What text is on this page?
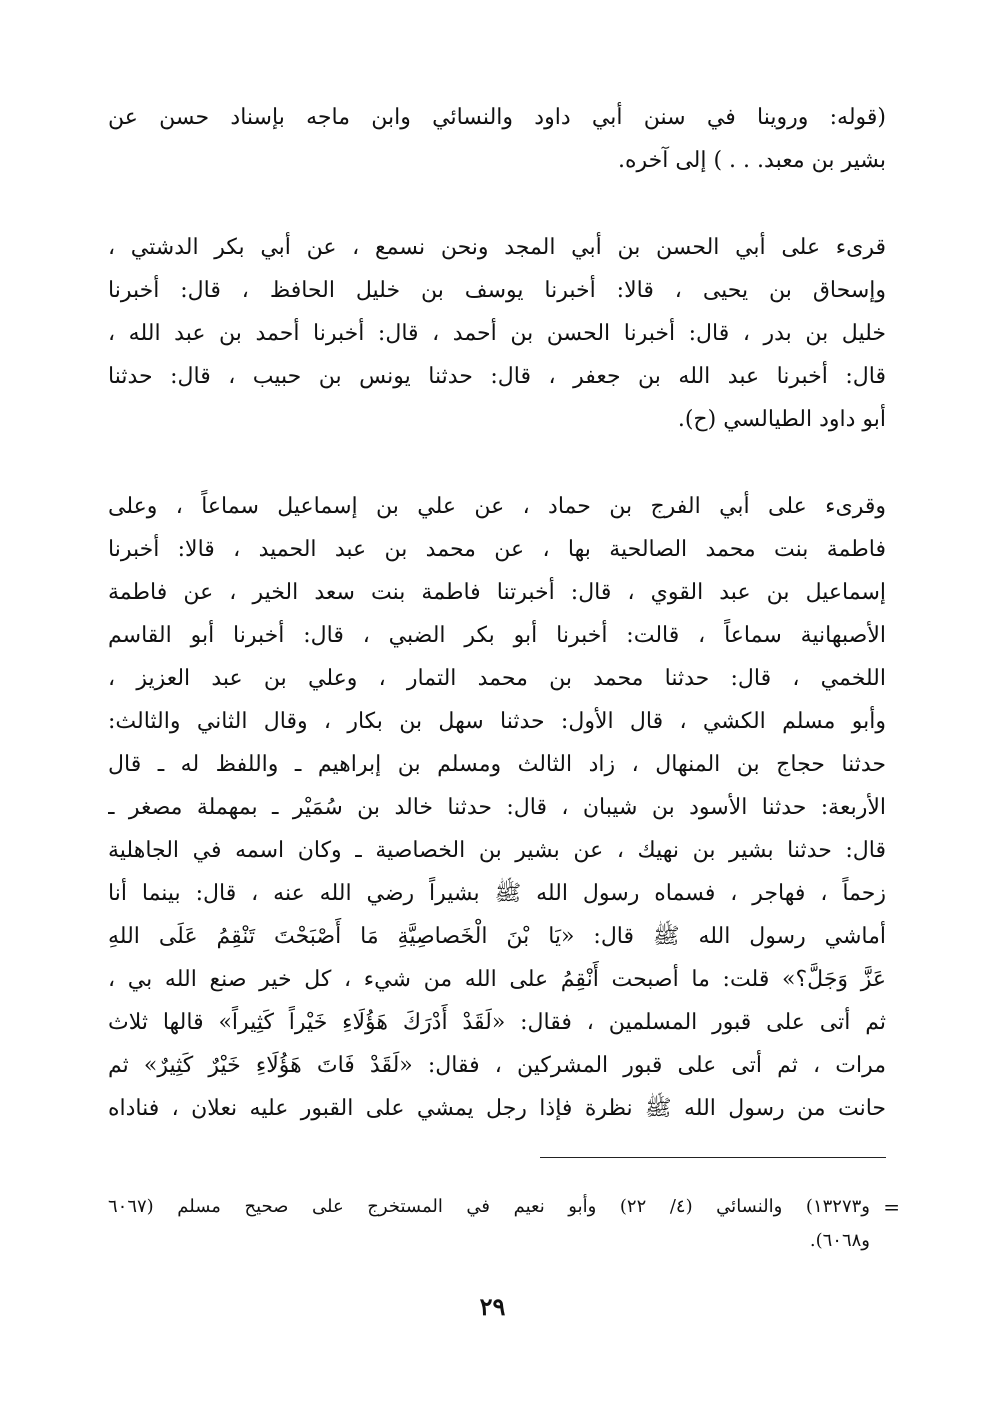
(قوله: وروينا في سنن أبي داود والنسائي وابن ماجه بإسناد حسن عن
بشير بن معبد. . . ) إلى آخره.
قرىء على أبي الحسن بن أبي المجد ونحن نسمع ، عن أبي بكر الدشتي ،
وإسحاق بن يحيى ، قالا: أخبرنا يوسف بن خليل الحافظ ، قال: أخبرنا
خليل بن بدر ، قال: أخبرنا الحسن بن أحمد ، قال: أخبرنا أحمد بن عبد الله ،
قال: أخبرنا عبد الله بن جعفر ، قال: حدثنا يونس بن حبيب ، قال: حدثنا
أبو داود الطيالسي (ح).
وقرىء على أبي الفرج بن حماد ، عن علي بن إسماعيل سماعاً ، وعلى
فاطمة بنت محمد الصالحية بها ، عن محمد بن عبد الحميد ، قالا: أخبرنا
إسماعيل بن عبد القوي ، قال: أخبرتنا فاطمة بنت سعد الخير ، عن فاطمة
الأصبهانية سماعاً ، قالت: أخبرنا أبو بكر الضبي ، قال: أخبرنا أبو القاسم
اللخمي ، قال: حدثنا محمد بن محمد التمار ، وعلي بن عبد العزيز ،
وأبو مسلم الكشي ، قال الأول: حدثنا سهل بن بكار ، وقال الثاني والثالث:
حدثنا حجاج بن المنهال ، زاد الثالث ومسلم بن إبراهيم ـ واللفظ له ـ قال
الأربعة: حدثنا الأسود بن شيبان ، قال: حدثنا خالد بن سُمَيْر ـ بمهملة مصغر ـ
قال: حدثنا بشير بن نهيك ، عن بشير بن الخصاصية ـ وكان اسمه في الجاهلية
زحماً ، فهاجر ، فسماه رسول الله ﷺ بشيراً رضي الله عنه ، قال: بينما أنا
أماشي رسول الله ﷺ قال: «يَا بْنَ الْخَصاصِيَّةِ مَا أَصْبَحْتَ تَنْقِمُ عَلَى اللهِ
عَزَّ وَجَلَّ؟» قلت: ما أصبحت أَنْقِمُ على الله من شيء ، كل خير صنع الله بي ،
ثم أتى على قبور المسلمين ، فقال: «لَقَدْ أَدْرَكَ هَؤُلَاءِ خَيْراً كَثِيراً» قالها ثلاث
مرات ، ثم أتى على قبور المشركين ، فقال: «لَقَدْ فَاتَ هَؤُلَاءِ خَيْرٌ كَثِيرٌ» ثم
حانت من رسول الله ﷺ نظرة فإذا رجل يمشي على القبور عليه نعلان ، فناداه
=
و١٣٢٧٣) والنسائي (٤/ ٢٢) وأبو نعيم في المستخرج على صحيح مسلم (٦٠٦٧
و٦٠٦٨).
٢٩
